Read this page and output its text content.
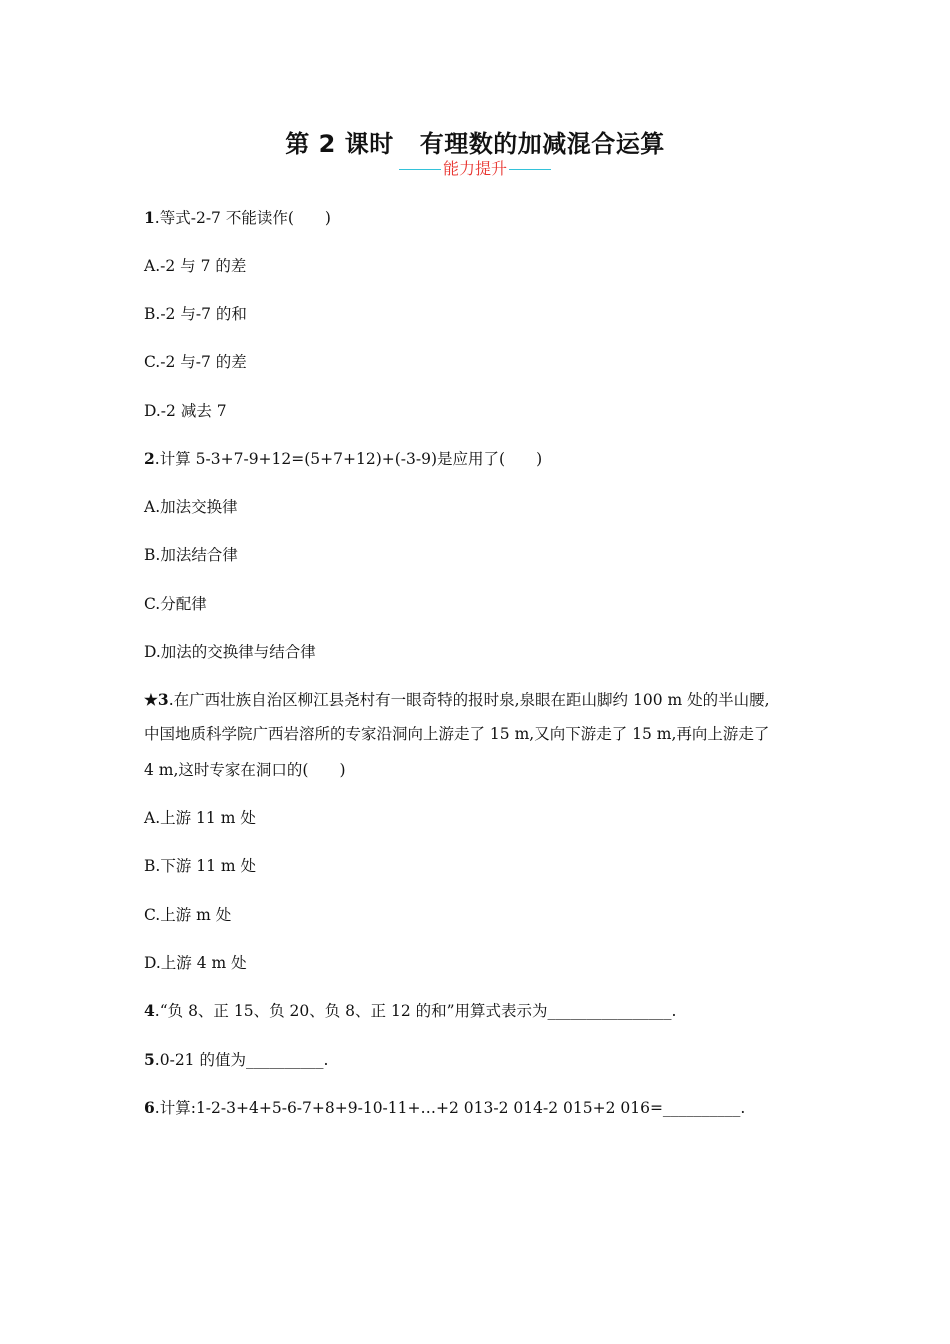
第 2 课时 有理数的加减混合运算
能力提升
1.等式-2-7 不能读作(　　)
A.-2 与 7 的差
B.-2 与-7 的和
C.-2 与-7 的差
D.-2 减去 7
2.计算 5-3+7-9+12=(5+7+12)+(-3-9)是应用了(　　)
A.加法交换律
B.加法结合律
C.分配律
D.加法的交换律与结合律
★3.在广西壮族自治区柳江县尧村有一眼奇特的报时泉,泉眼在距山脚约 100 m 处的半山腰,
中国地质科学院广西岩溶所的专家沿洞向上游走了 15 m,又向下游走了 15 m,再向上游走了
4 m,这时专家在洞口的(　　)
A.上游 11 m 处
B.下游 11 m 处
C.上游 m 处
D.上游 4 m 处
4.“负 8、正 15、负 20、负 8、正 12 的和”用算式表示为________________.
5.0-21 的值为__________.
6.计算:1-2-3+4+5-6-7+8+9-10-11+…+2 013-2 014-2 015+2 016=__________.
